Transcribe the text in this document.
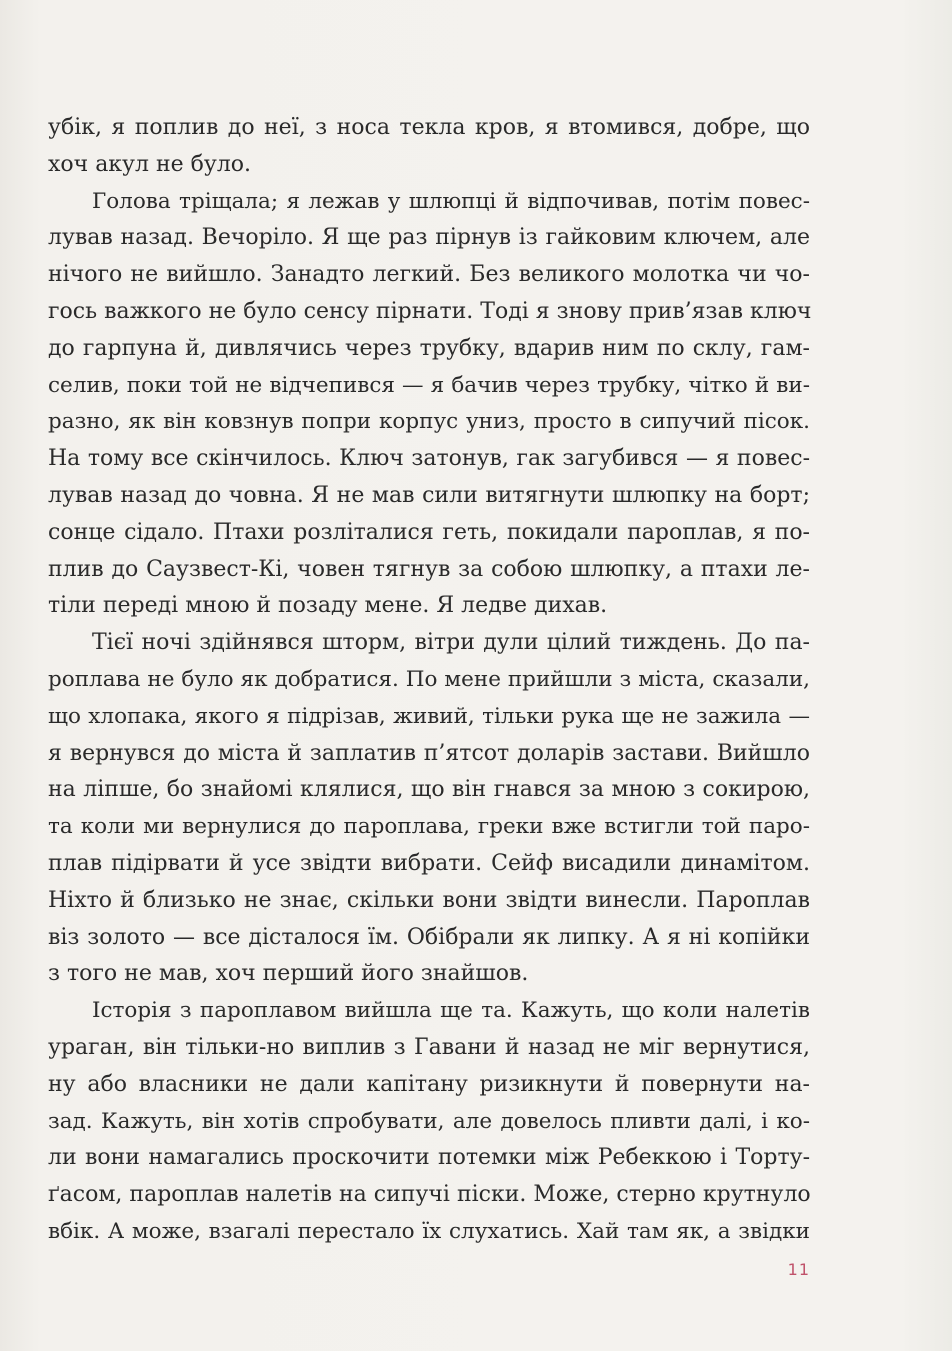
убік, я поплив до неї, з носа текла кров, я втомився, добре, що
хоч акул не було.
Голова тріщала; я лежав у шлюпці й відпочивав, потім повес-
лував назад. Вечоріло. Я ще раз пірнув із гайковим ключем, але
нічого не вийшло. Занадто легкий. Без великого молотка чи чо-
гось важкого не було сенсу пірнати. Тоді я знову прив’язав ключ
до гарпуна й, дивлячись через трубку, вдарив ним по склу, гам-
селив, поки той не відчепився — я бачив через трубку, чітко й ви-
разно, як він ковзнув попри корпус униз, просто в сипучий пісок.
На тому все скінчилось. Ключ затонув, гак загубився — я повес-
лував назад до човна. Я не мав сили витягнути шлюпку на борт;
сонце сідало. Птахи розліталися геть, покидали пароплав, я по-
плив до Саузвест-Кі, човен тягнув за собою шлюпку, а птахи ле-
тіли переді мною й позаду мене. Я ледве дихав.
Тієї ночі здійнявся шторм, вітри дули цілий тиждень. До па-
роплава не було як добратися. По мене прийшли з міста, сказали,
що хлопака, якого я підрізав, живий, тільки рука ще не зажила —
я вернувся до міста й заплатив п’ятсот доларів застави. Вийшло
на ліпше, бо знайомі клялися, що він гнався за мною з сокирою,
та коли ми вернулися до пароплава, греки вже встигли той паро-
плав підірвати й усе звідти вибрати. Сейф висадили динамітом.
Ніхто й близько не знає, скільки вони звідти винесли. Пароплав
віз золото — все дісталося їм. Обібрали як липку. А я ні копійки
з того не мав, хоч перший його знайшов.
Історія з пароплавом вийшла ще та. Кажуть, що коли налетів
ураган, він тільки-но виплив з Гавани й назад не міг вернутися,
ну або власники не дали капітану ризикнути й повернути на-
зад. Кажуть, він хотів спробувати, але довелось пливти далі, і ко-
ли вони намагались проскочити потемки між Ребеккою і Торту-
ґасом, пароплав налетів на сипучі піски. Може, стерно крутнуло
вбік. А може, взагалі перестало їх слухатись. Хай там як, а звідки
11
